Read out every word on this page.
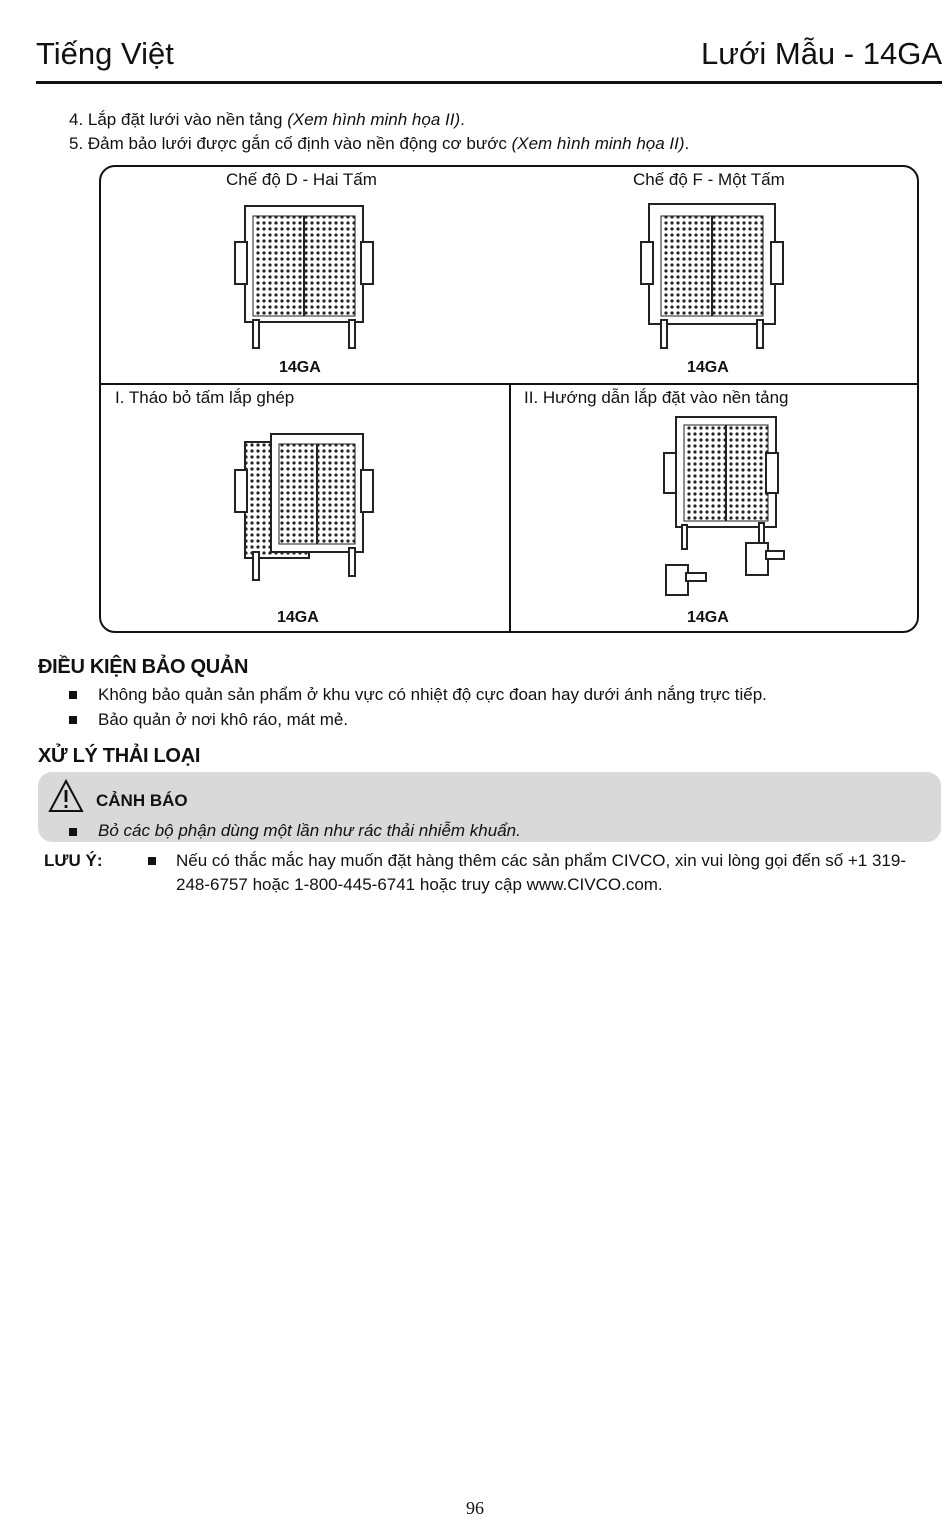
Tiếng Việt	Lưới Mẫu - 14GA
4. Lắp đặt lưới vào nền tảng (Xem hình minh họa II).
5. Đảm bảo lưới được gắn cố định vào nền động cơ bước (Xem hình minh họa II).
Chế độ D - Hai Tấm
14GA
Chế độ F - Một Tấm
14GA
I. Tháo bỏ tấm lắp ghép
14GA
II. Hướng dẫn lắp đặt vào nền tảng
14GA
ĐIỀU KIỆN BẢO QUẢN
Không bảo quản sản phẩm ở khu vực có nhiệt độ cực đoan hay dưới ánh nắng trực tiếp.
Bảo quản ở nơi khô ráo, mát mẻ.
XỬ LÝ THẢI LOẠI
CẢNH BÁO
Bỏ các bộ phận dùng một lần như rác thải nhiễm khuẩn.
LƯU Ý:	Nếu có thắc mắc hay muốn đặt hàng thêm các sản phẩm CIVCO, xin vui lòng gọi đến số +1 319-248-6757 hoặc 1-800-445-6741 hoặc truy cập www.CIVCO.com.
96
